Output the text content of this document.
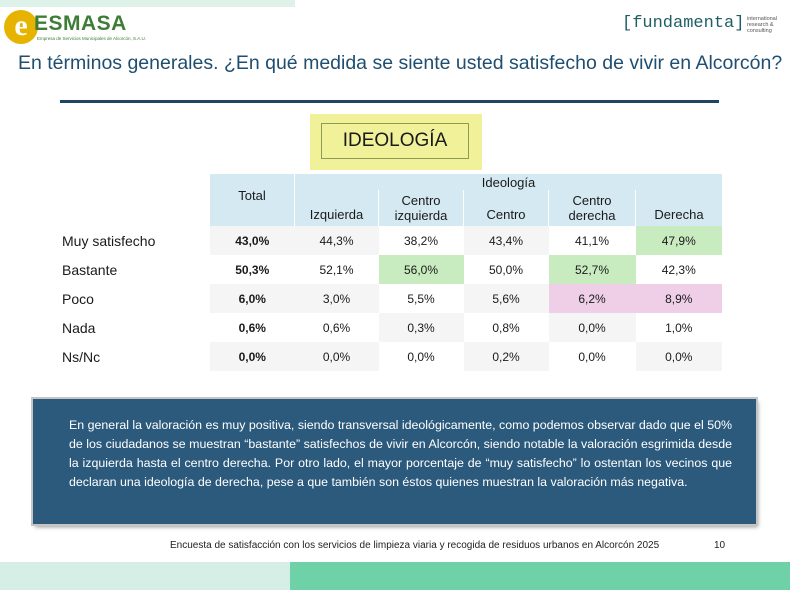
e ESMASA
Empresa de Servicios Municipales de Alcorcón, S.A.U.
[fundamenta] international research & consulting
En términos generales. ¿En qué medida se siente usted satisfecho de vivir en Alcorcón?
IDEOLOGÍA
	Total	Ideología				
		Izquierda	Centro izquierda	Centro	Centro derecha	Derecha
Muy satisfecho	43,0%	44,3%	38,2%	43,4%	41,1%	47,9%
Bastante	50,3%	52,1%	56,0%	50,0%	52,7%	42,3%
Poco	6,0%	3,0%	5,5%	5,6%	6,2%	8,9%
Nada	0,6%	0,6%	0,3%	0,8%	0,0%	1,0%
Ns/Nc	0,0%	0,0%	0,0%	0,2%	0,0%	0,0%

En general la valoración es muy positiva, siendo transversal ideológicamente, como podemos observar dado que el 50% de los ciudadanos se muestran “bastante” satisfechos de vivir en Alcorcón, siendo notable la valoración esgrimida desde la izquierda hasta el centro derecha. Por otro lado, el mayor porcentaje de “muy satisfecho” lo ostentan los vecinos que declaran una ideología de derecha, pese a que también son éstos quienes muestran la valoración más negativa.

Encuesta de satisfacción con los servicios de limpieza viaria y recogida de residuos urbanos en Alcorcón 2025	10
